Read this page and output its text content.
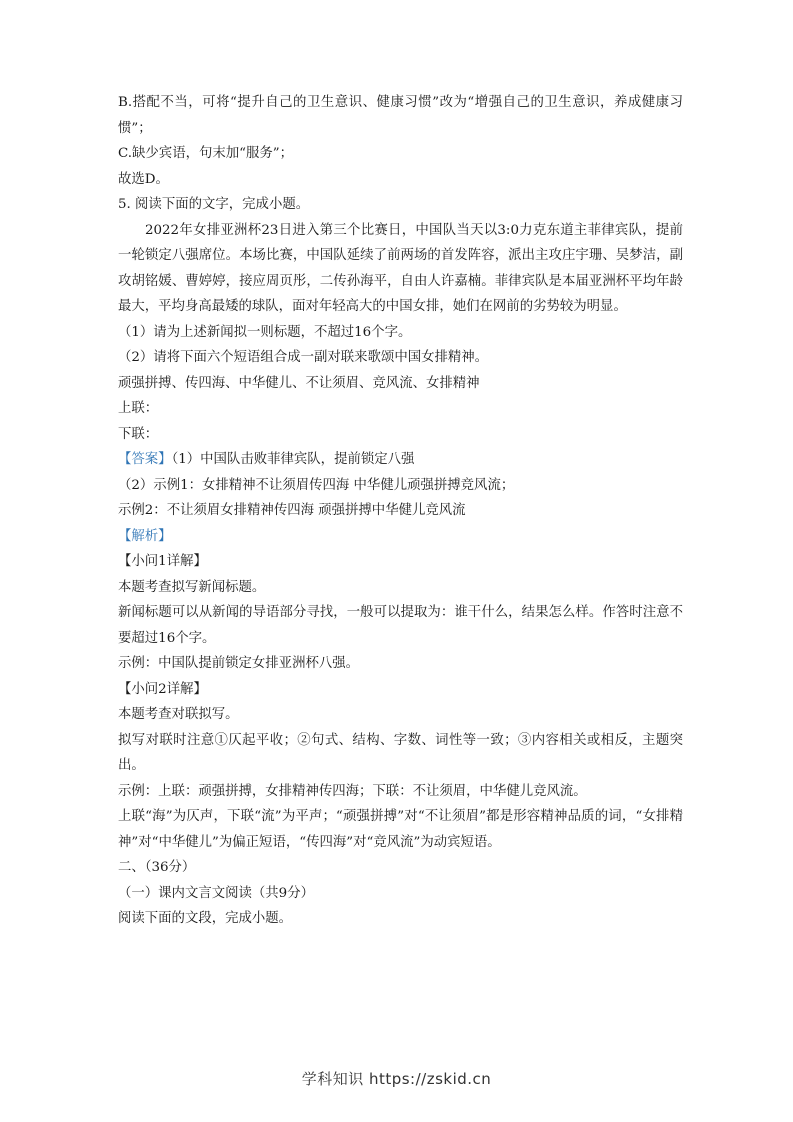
B.搭配不当，可将“提升自己的卫生意识、健康习惯”改为“增强自己的卫生意识，养成健康习惯”；

C.缺少宾语，句末加“服务”；

故选D。

5. 阅读下面的文字，完成小题。

2022年女排亚洲杯23日进入第三个比赛日，中国队当天以3:0力克东道主菲律宾队，提前一轮锁定八强席位。本场比赛，中国队延续了前两场的首发阵容，派出主攻庄宇珊、吴梦洁，副攻胡铭媛、曹婷婷，接应周页彤，二传孙海平，自由人许嘉楠。菲律宾队是本届亚洲杯平均年龄最大，平均身高最矮的球队，面对年轻高大的中国女排，她们在网前的劣势较为明显。

（1）请为上述新闻拟一则标题，不超过16个字。

（2）请将下面六个短语组合成一副对联来歌颂中国女排精神。

顽强拼搏、传四海、中华健儿、不让须眉、竞风流、女排精神

上联：

下联：

【答案】（1）中国队击败菲律宾队，提前锁定八强

（2）示例1：女排精神不让须眉传四海 中华健儿顽强拼搏竞风流；

示例2：不让须眉女排精神传四海 顽强拼搏中华健儿竞风流

【解析】

【小问1详解】

本题考查拟写新闻标题。

新闻标题可以从新闻的导语部分寻找，一般可以提取为：谁干什么，结果怎么样。作答时注意不要超过16个字。

示例：中国队提前锁定女排亚洲杯八强。

【小问2详解】

本题考查对联拟写。

拟写对联时注意①仄起平收；②句式、结构、字数、词性等一致；③内容相关或相反，主题突出。

示例：上联：顽强拼搏，女排精神传四海；下联：不让须眉，中华健儿竞风流。

上联“海”为仄声，下联“流”为平声；“顽强拼搏”对“不让须眉”都是形容精神品质的词，“女排精神”对“中华健儿”为偏正短语，“传四海”对“竞风流”为动宾短语。

二、（36分）

（一）课内文言文阅读（共9分）

阅读下面的文段，完成小题。

学科知识 https://zskid.cn
